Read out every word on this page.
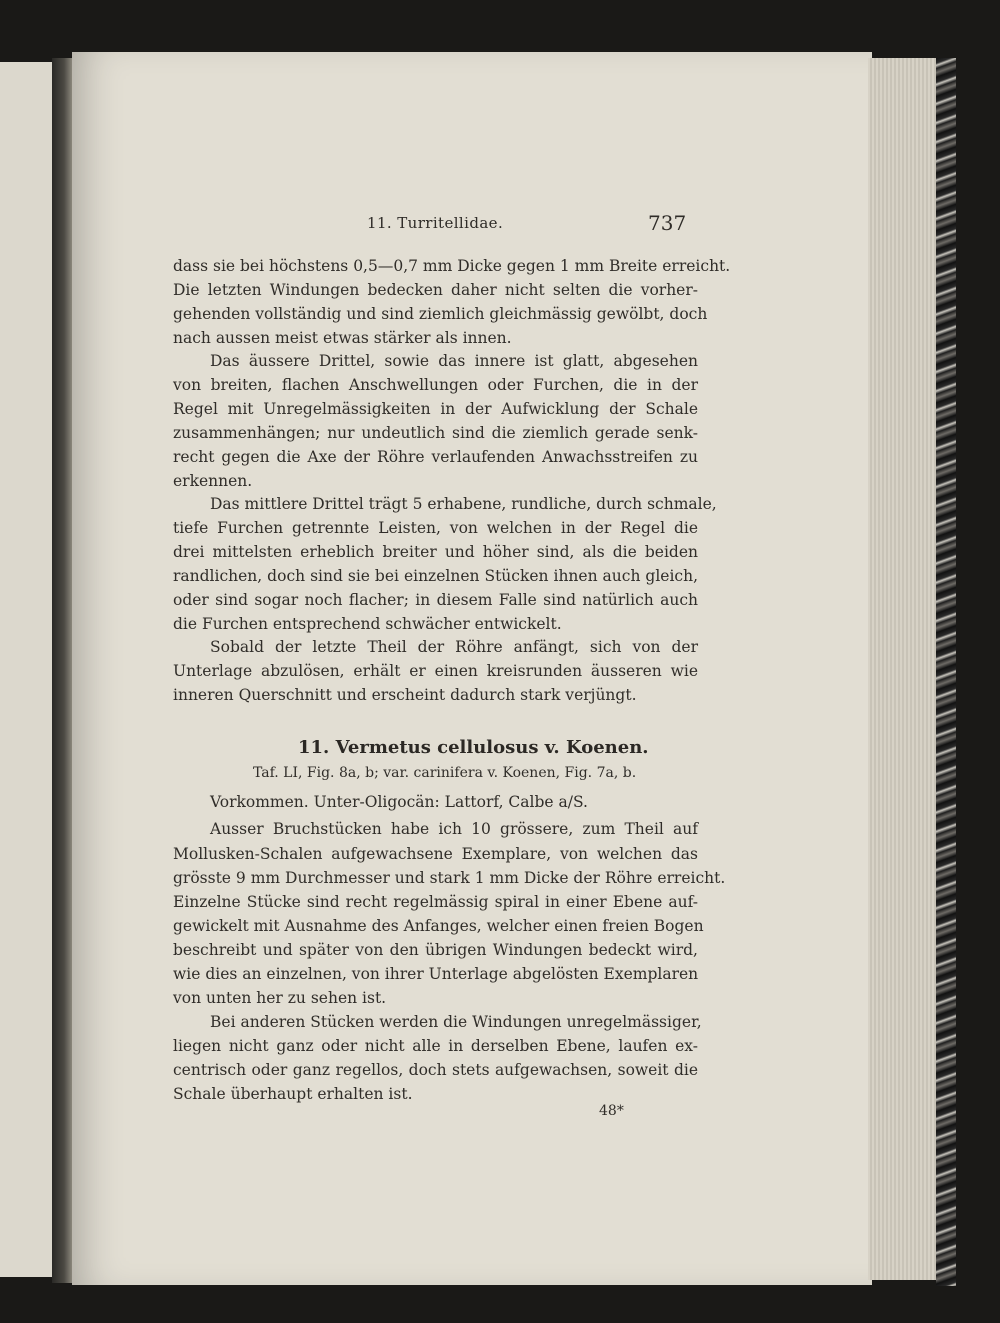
11. Turritellidae.	737
dass sie bei höchstens 0,5—0,7 mm Dicke gegen 1 mm Breite erreicht.
Die letzten Windungen bedecken daher nicht selten die vorher-
gehenden vollständig und sind ziemlich gleichmässig gewölbt, doch
nach aussen meist etwas stärker als innen.
Das äussere Drittel, sowie das innere ist glatt, abgesehen
von breiten, flachen Anschwellungen oder Furchen, die in der
Regel mit Unregelmässigkeiten in der Aufwicklung der Schale
zusammenhängen; nur undeutlich sind die ziemlich gerade senk-
recht gegen die Axe der Röhre verlaufenden Anwachsstreifen zu
erkennen.
Das mittlere Drittel trägt 5 erhabene, rundliche, durch schmale,
tiefe Furchen getrennte Leisten, von welchen in der Regel die
drei mittelsten erheblich breiter und höher sind, als die beiden
randlichen, doch sind sie bei einzelnen Stücken ihnen auch gleich,
oder sind sogar noch flacher; in diesem Falle sind natürlich auch
die Furchen entsprechend schwächer entwickelt.
Sobald der letzte Theil der Röhre anfängt, sich von der
Unterlage abzulösen, erhält er einen kreisrunden äusseren wie
inneren Querschnitt und erscheint dadurch stark verjüngt.
11. Vermetus cellulosus v. Koenen.
Taf. LI, Fig. 8a, b; var. carinifera v. Koenen, Fig. 7a, b.
Vorkommen. Unter-Oligocän: Lattorf, Calbe a/S.
Ausser Bruchstücken habe ich 10 grössere, zum Theil auf
Mollusken-Schalen aufgewachsene Exemplare, von welchen das
grösste 9 mm Durchmesser und stark 1 mm Dicke der Röhre erreicht.
Einzelne Stücke sind recht regelmässig spiral in einer Ebene auf-
gewickelt mit Ausnahme des Anfanges, welcher einen freien Bogen
beschreibt und später von den übrigen Windungen bedeckt wird,
wie dies an einzelnen, von ihrer Unterlage abgelösten Exemplaren
von unten her zu sehen ist.
Bei anderen Stücken werden die Windungen unregelmässiger,
liegen nicht ganz oder nicht alle in derselben Ebene, laufen ex-
centrisch oder ganz regellos, doch stets aufgewachsen, soweit die
Schale überhaupt erhalten ist.
48*
